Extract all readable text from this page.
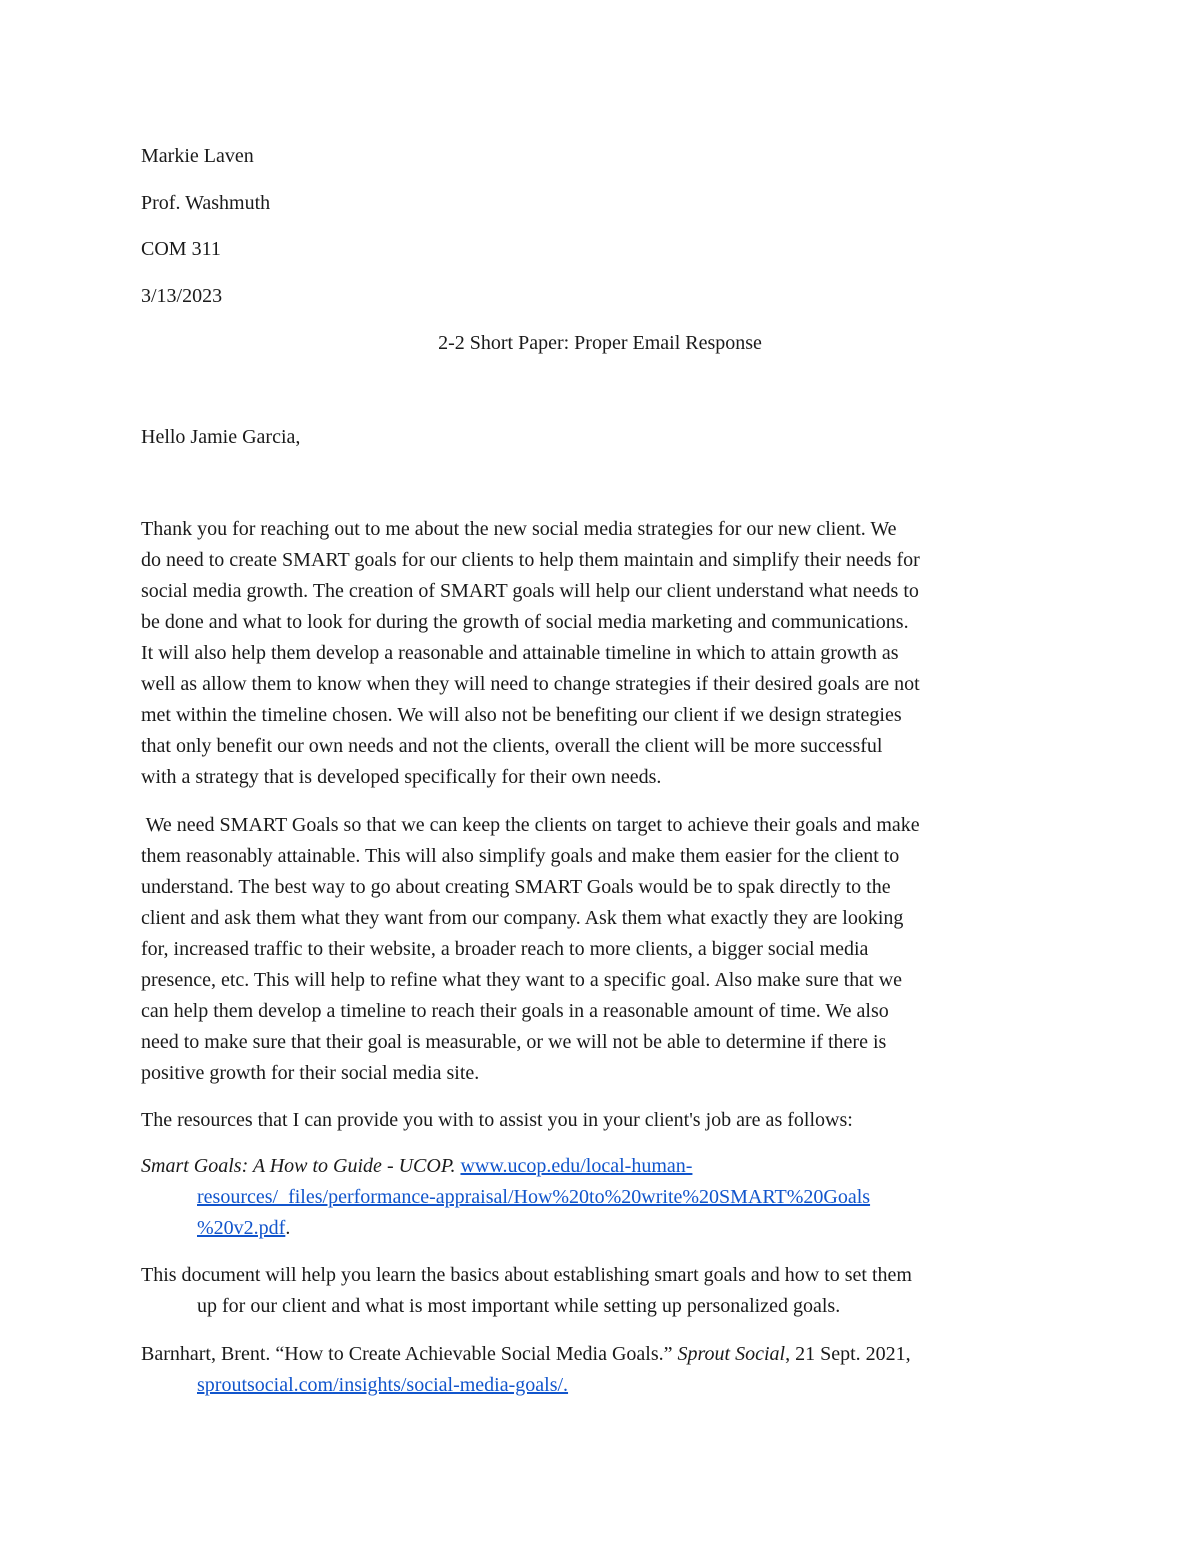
Markie Laven
Prof. Washmuth
COM 311
3/13/2023
2-2 Short Paper: Proper Email Response
Hello Jamie Garcia,
Thank you for reaching out to me about the new social media strategies for our new client. We
do need to create SMART goals for our clients to help them maintain and simplify their needs for
social media growth. The creation of SMART goals will help our client understand what needs to
be done and what to look for during the growth of social media marketing and communications.
It will also help them develop a reasonable and attainable timeline in which to attain growth as
well as allow them to know when they will need to change strategies if their desired goals are not
met within the timeline chosen. We will also not be benefiting our client if we design strategies
that only benefit our own needs and not the clients, overall the client will be more successful
with a strategy that is developed specifically for their own needs.
We need SMART Goals so that we can keep the clients on target to achieve their goals and make
them reasonably attainable. This will also simplify goals and make them easier for the client to
understand. The best way to go about creating SMART Goals would be to spak directly to the
client and ask them what they want from our company. Ask them what exactly they are looking
for, increased traffic to their website, a broader reach to more clients, a bigger social media
presence, etc. This will help to refine what they want to a specific goal. Also make sure that we
can help them develop a timeline to reach their goals in a reasonable amount of time. We also
need to make sure that their goal is measurable, or we will not be able to determine if there is
positive growth for their social media site.
The resources that I can provide you with to assist you in your client's job are as follows:
Smart Goals: A How to Guide - UCOP. www.ucop.edu/local-human-
resources/_files/performance-appraisal/How%20to%20write%20SMART%20Goals
%20v2.pdf.
This document will help you learn the basics about establishing smart goals and how to set them
up for our client and what is most important while setting up personalized goals.
Barnhart, Brent. “How to Create Achievable Social Media Goals.” Sprout Social, 21 Sept. 2021,
sproutsocial.com/insights/social-media-goals/.
